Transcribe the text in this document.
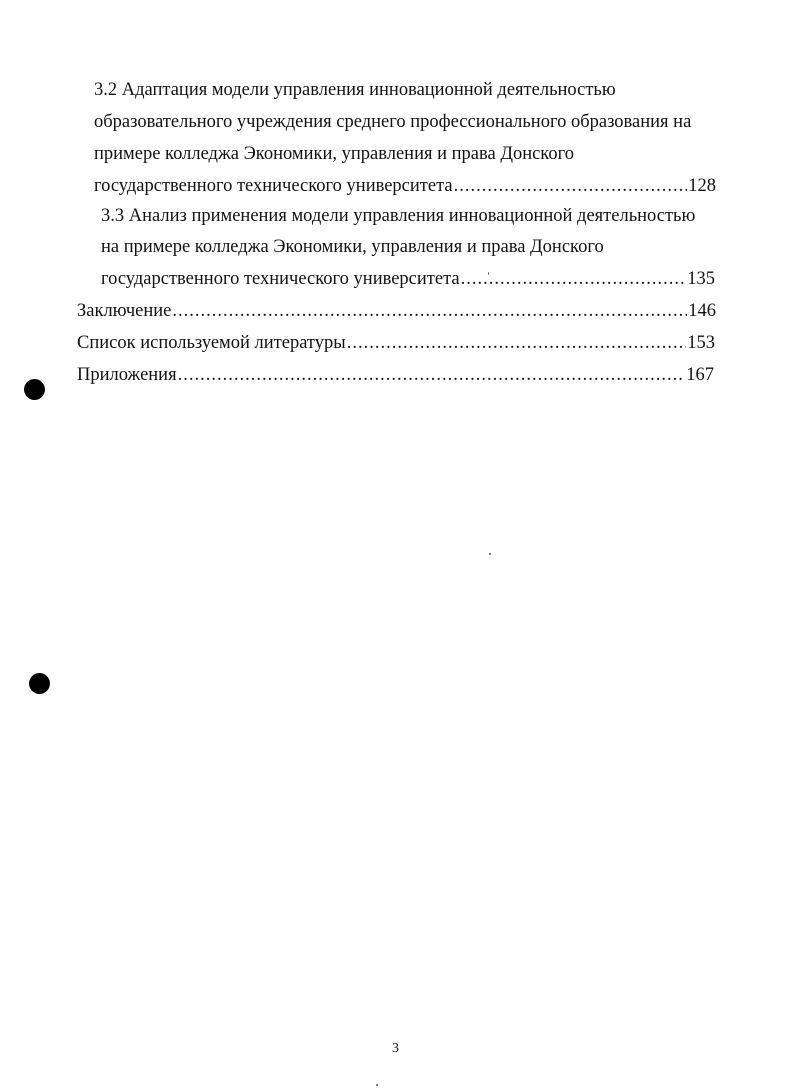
3.2 Адаптация модели управления инновационной деятельностью
образовательного учреждения среднего профессионального образования на
примере колледжа Экономики, управления и права Донского
государственного технического университета .....	128
3.3 Анализ применения модели управления инновационной деятельностью
на примере колледжа Экономики, управления и права Донского
государственного технического университета .....	135
Заключение .....	146
Список используемой литературы .....	153
Приложения .....	167
3
